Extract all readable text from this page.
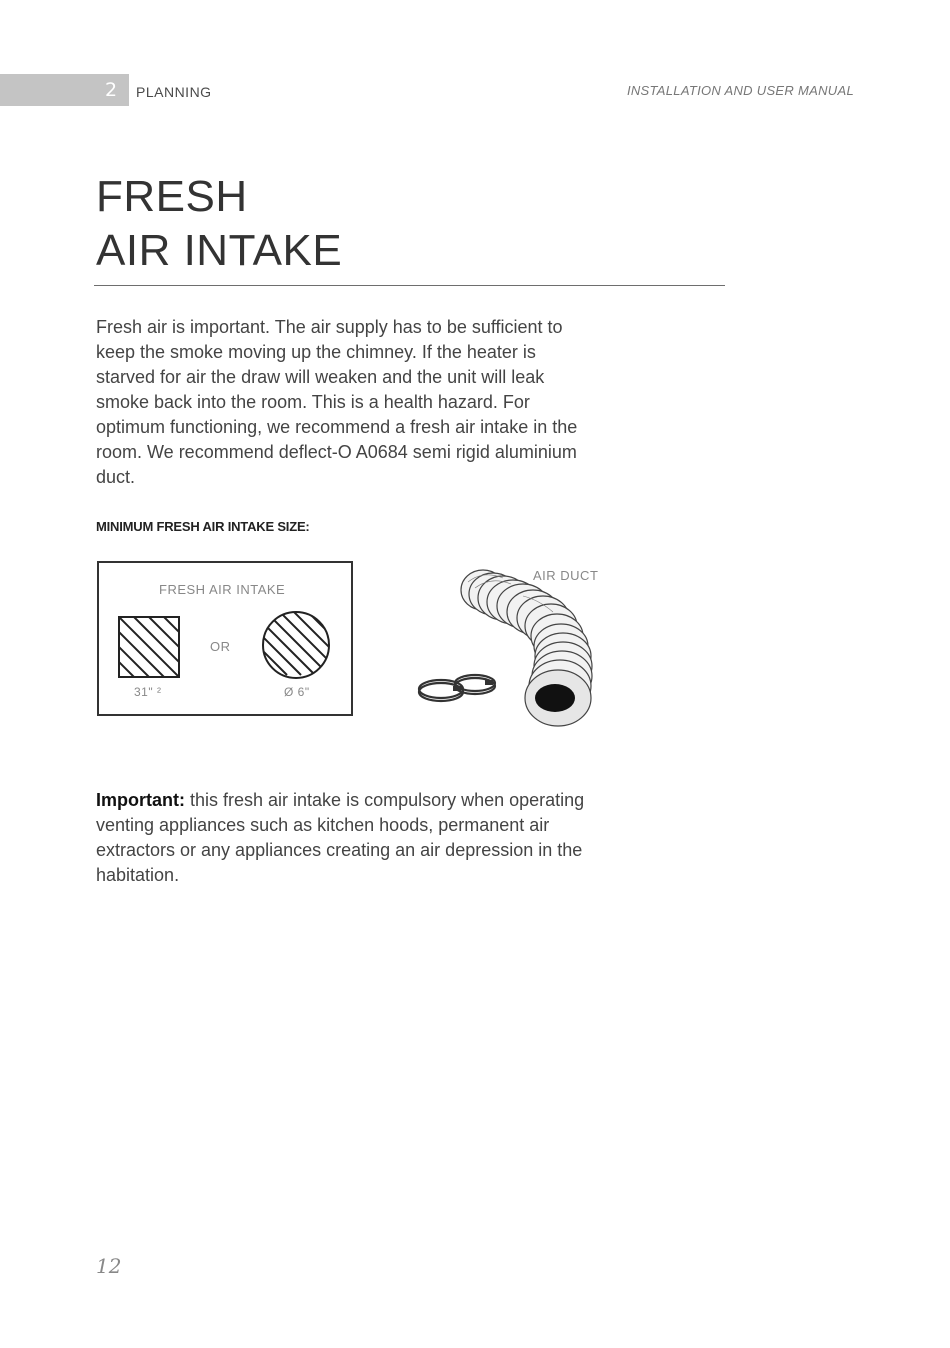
2 PLANNING	INSTALLATION AND USER MANUAL
FRESH
AIR INTAKE

Fresh air is important. The air supply has to be sufficient to keep the smoke moving up the chimney. If the heater is starved for air the draw will weaken and the unit will leak smoke back into the room. This is a health hazard. For optimum functioning, we recommend a fresh air intake in the room. We recommend deflect-O A0684 semi rigid aluminium duct.

MINIMUM FRESH AIR INTAKE SIZE:
FRESH AIR INTAKE
OR
31" ²	Ø 6"
AIR DUCT

Important: this fresh air intake is compulsory when operating venting appliances such as kitchen hoods, permanent air extractors or any appliances creating an air depression in the habitation.

12
